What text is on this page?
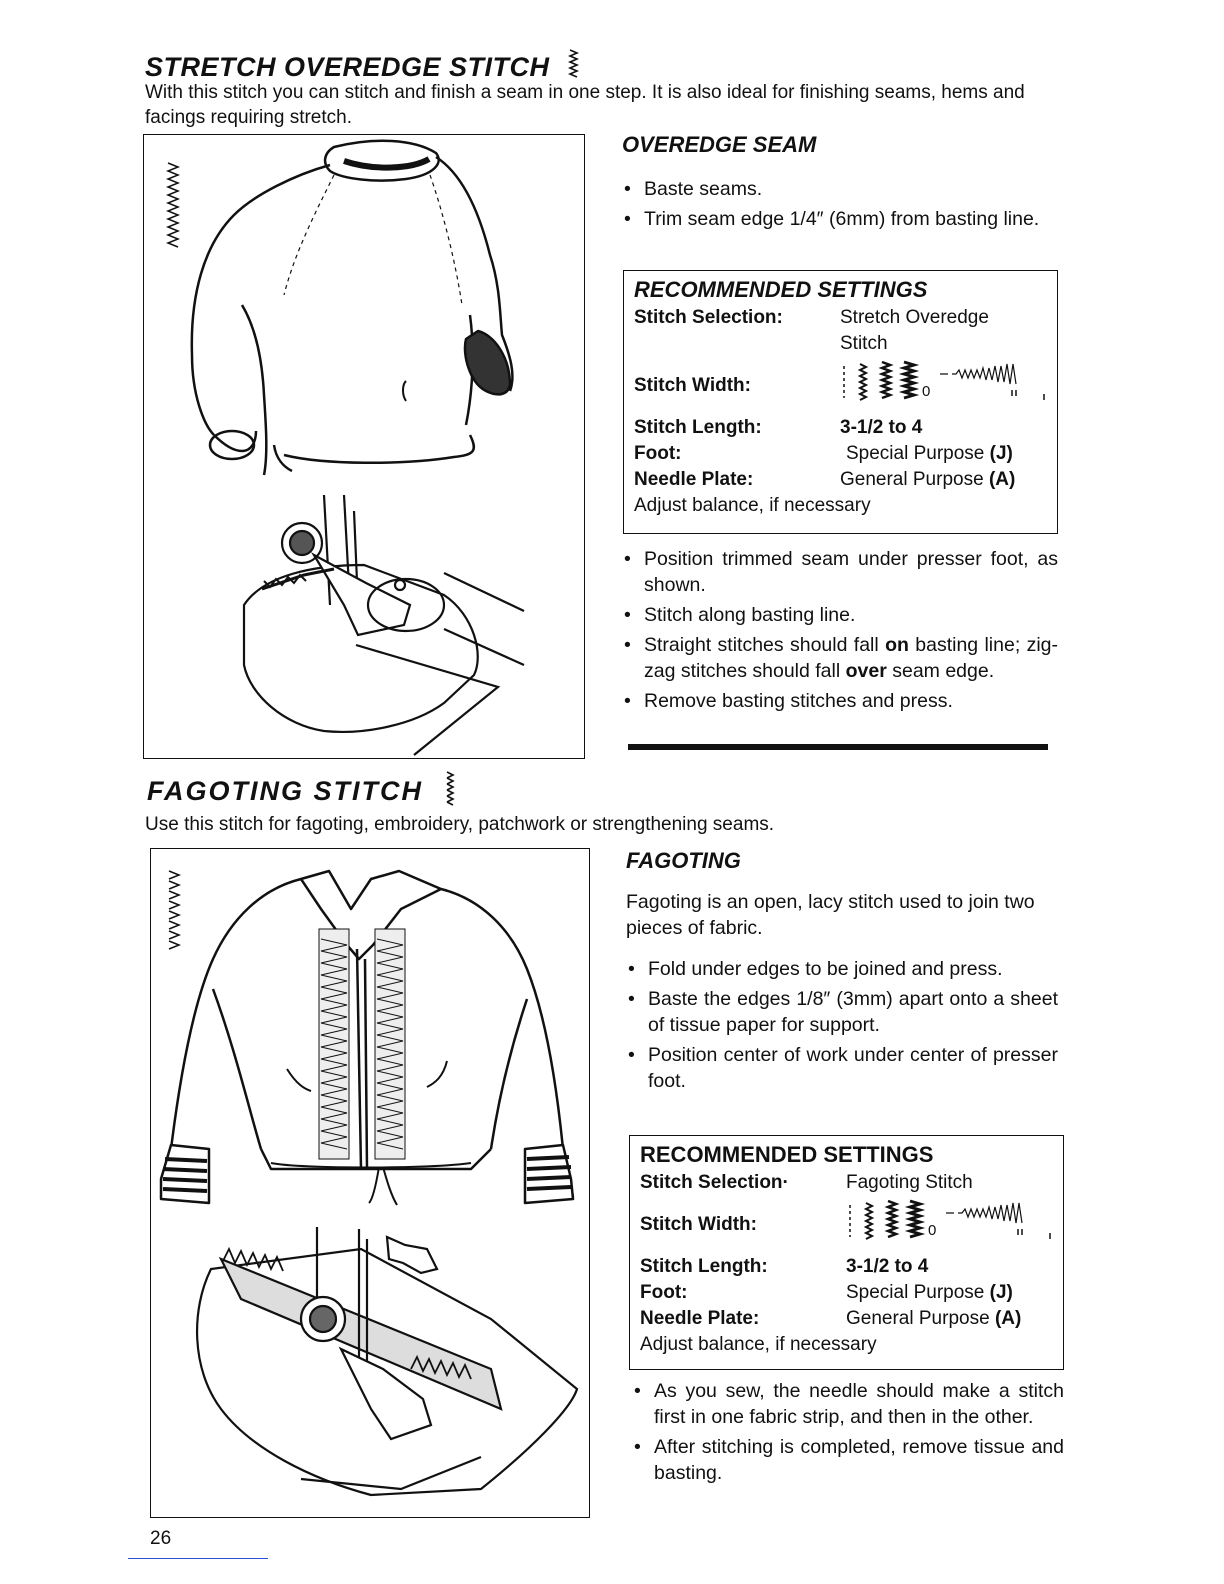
STRETCH OVEREDGE STITCH
With this stitch you can stitch and finish a seam in one step. It is also ideal for finishing seams, hems and facings requiring stretch.
OVEREDGE SEAM
• Baste seams.
• Trim seam edge 1/4″ (6mm) from basting line.
RECOMMENDED SETTINGS
Stitch Selection:	Stretch Overedge
Stitch
Stitch Width:	0
Stitch Length:	3-1/2 to 4
Foot:	Special Purpose (J)
Needle Plate:	General Purpose (A)
Adjust balance, if necessary
• Position trimmed seam under presser foot, as shown.
• Stitch along basting line.
• Straight stitches should fall on basting line; zig-zag stitches should fall over seam edge.
• Remove basting stitches and press.
FAGOTING STITCH
Use this stitch for fagoting, embroidery, patchwork or strengthening seams.
FAGOTING
Fagoting is an open, lacy stitch used to join two pieces of fabric.
• Fold under edges to be joined and press.
• Baste the edges 1/8″ (3mm) apart onto a sheet of tissue paper for support.
• Position center of work under center of presser foot.
RECOMMENDED SETTINGS
Stitch Selection·	Fagoting Stitch
Stitch Width:	0
Stitch Length:	3-1/2 to 4
Foot:	Special Purpose (J)
Needle Plate:	General Purpose (A)
Adjust balance, if necessary
• As you sew, the needle should make a stitch first in one fabric strip, and then in the other.
• After stitching is completed, remove tissue and basting.
26
